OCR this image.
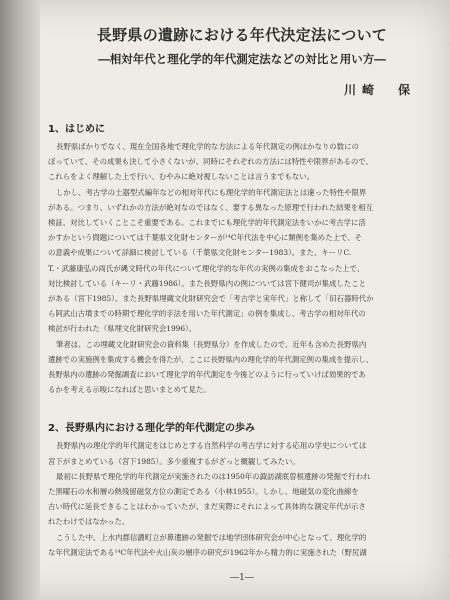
長野県の遺跡における年代決定法について
―相対年代と理化学的年代測定法などの対比と用い方―
川崎　保
1、はじめに
長野県ばかりでなく、現在全国各地で理化学的な方法による年代測定の例はかなりの数にの
ぼっていて、その成果も決して小さくないが、同時にそれぞれの方法には特性や限界があるので、
これらをよく理解した上で行い、むやみに絶対視しないことは言うまでもない。
しかし、考古学の土器型式編年などの相対年代にも理化学的年代測定法とは違った特性や限界
がある。つまり、いずれかの方法が絶対なのではなく、要する異なった原理で行われた結果を相互
検証、対比していくことこそ重要である。これまでにも理化学的年代測定法をいかに考古学に活
かすかという問題については千葉県文化財センターが¹⁴C年代法を中心に類例を集めた上で、そ
の意義や成果について詳細に検討している（千葉県文化財センター1983）。また、キーリC.
T.・武藤康弘の両氏が縄文時代の年代について理化学的な年代の実例の集成をおこなった上で、
対比検討している（キーリ・武藤1986）。また長野県内の例については宮下健司が集成したこと
がある（宮下1985）。また長野県埋蔵文化財研究会で「考古学と実年代」と称して「旧石器時代か
ら阿武山古墳までの時期で理化学的手法を用いた年代測定」の例を集成し、考古学の相対年代の
検討が行われた（県埋文化財研究会1996）。
筆者は、この埋蔵文化財研究会の資料集（長野県分）を作成したので、近年も含めた長野県内
遺跡での実施例を集成する機会を得たが、ここに長野県内の理化学的年代測定例の集成を提示し、
長野県内の遺跡の発掘調査において理化学的年代測定を今後どのように行っていけば効果的であ
るかを考える示唆になればと思いまとめて見た。
2、長野県内における理化学的年代測定の歩み
長野県内の理化学的年代測定をはじめとする自然科学の考古学に対する応用の学史については
宮下がまとめている（宮下1985）。多少重複するがざっと概観してみたい。
最初に長野県で理化学的年代測定が実施されたのは1950年の諏訪湖底曽根遺跡の発掘で行われ
た黒曜石の水和層の熱残留磁気方位の測定である（小林1955）。しかし、地磁気の変化曲線を
古い時代に延長できることはわかっていたが、まだ実際にそれによって具体的な測定年代が示さ
れたわけではなかった。
こうした中、上水内郡信濃町立が鼻遺跡の発掘では地学団体研究会が中心となって、理化学的
な年代測定法である¹⁴C年代法や火山灰の層序の研究が1962年から精力的に実施された（野尻湖
―1―
